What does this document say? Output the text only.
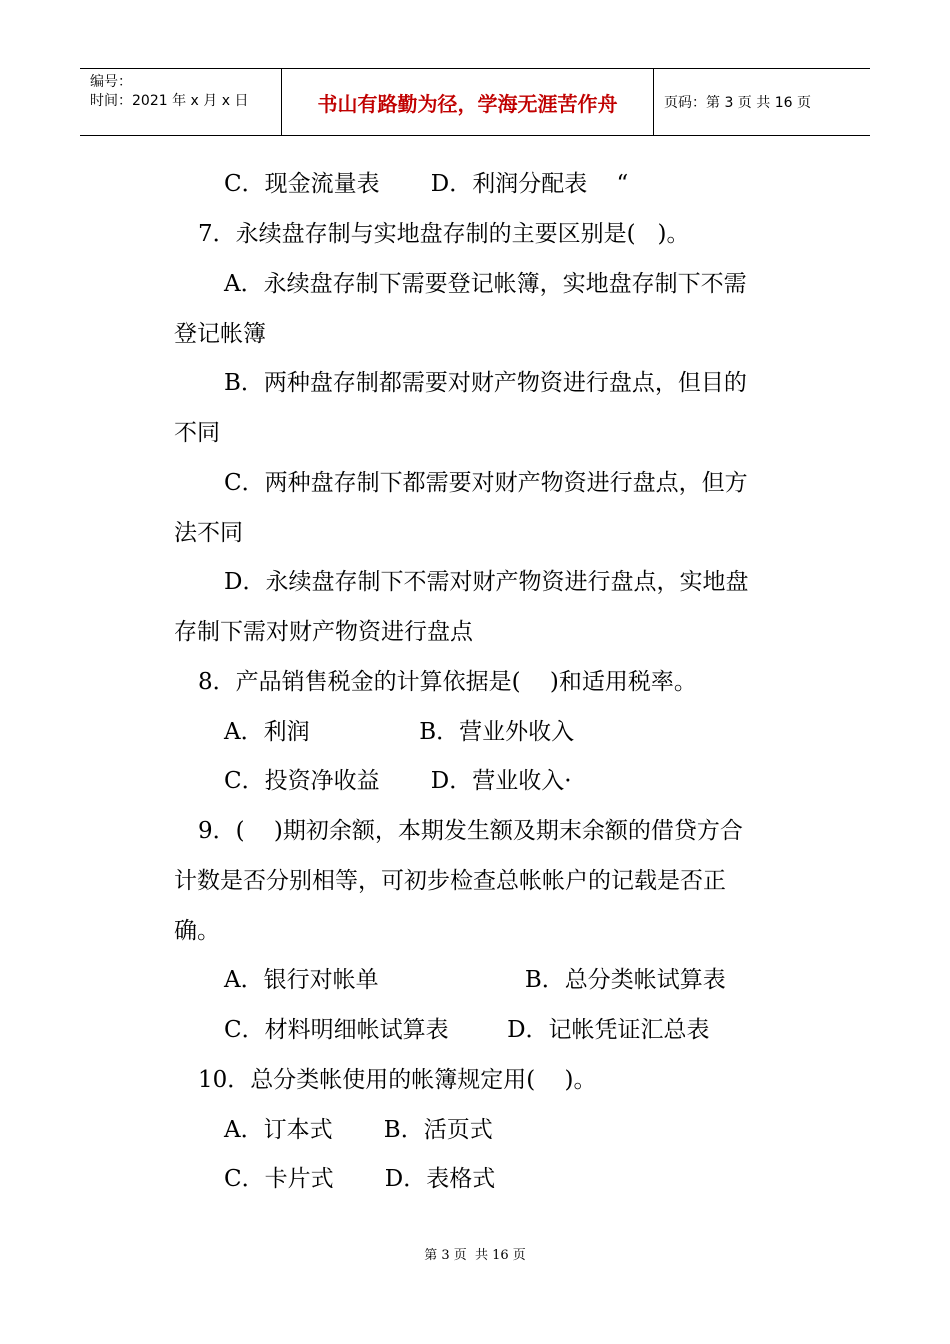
编号：
时间：2021 年 x 月 x 日	书山有路勤为径，学海无涯苦作舟	页码：第 3 页 共 16 页
C．现金流量表       D．利润分配表    “
7．永续盘存制与实地盘存制的主要区别是(   )。
A．永续盘存制下需要登记帐簿，实地盘存制下不需
登记帐簿
B．两种盘存制都需要对财产物资进行盘点，但目的
不同
C．两种盘存制下都需要对财产物资进行盘点，但方
法不同
D．永续盘存制下不需对财产物资进行盘点，实地盘
存制下需对财产物资进行盘点
8．产品销售税金的计算依据是(    )和适用税率。
A．利润               B．营业外收入
C．投资净收益       D．营业收入·
9．(    )期初余额，本期发生额及期末余额的借贷方合
计数是否分别相等，可初步检查总帐帐户的记载是否正
确。
A．银行对帐单                    B．总分类帐试算表
C．材料明细帐试算表        D．记帐凭证汇总表
10．总分类帐使用的帐簿规定用(    )。
A．订本式       B．活页式
C．卡片式       D．表格式
第 3 页  共 16 页
